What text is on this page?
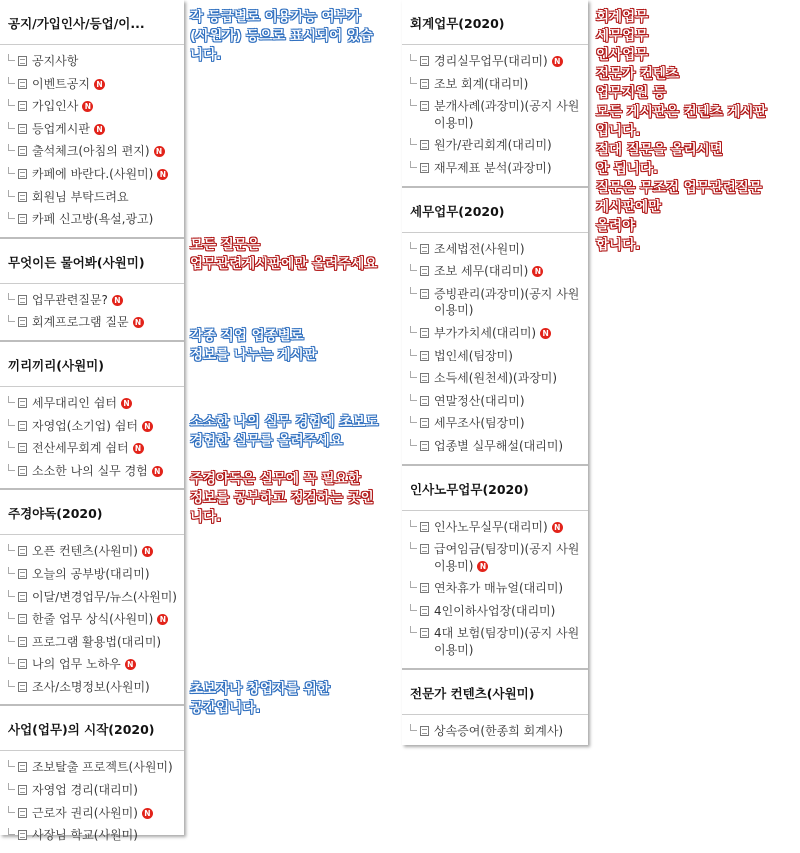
공지/가입인사/등업/이...
공지사항
이벤트공지 N
가입인사 N
등업게시판 N
출석체크(아침의 편지) N
카페에 바란다.(사원미) N
회원님 부탁드려요
카페 신고방(욕설,광고)
무엇이든 물어봐(사원미)
업무관련질문? N
회계프로그램 질문 N
끼리끼리(사원미)
세무대리인 쉼터 N
자영업(소기업) 쉼터 N
전산세무회계 쉼터 N
소소한 나의 실무 경험 N
주경야독(2020)
오픈 컨텐츠(사원미) N
오늘의 공부방(대리미)
이달/변경업무/뉴스(사원미)
한줄 업무 상식(사원미) N
프로그램 활용법(대리미)
나의 업무 노하우 N
조사/소명정보(사원미)
사업(업무)의 시작(2020)
조보탈출 프로젝트(사원미)
자영업 경리(대리미)
근로자 권리(사원미) N
사장님 학교(사원미)
회계업무(2020)
경리실무업무(대리미) N
조보 회계(대리미)
분개사례(과장미)(공지 사원 이용미)
원가/관리회계(대리미)
재무제표 분석(과장미)
세무업무(2020)
조세법전(사원미)
조보 세무(대리미) N
증빙관리(과장미)(공지 사원 이용미)
부가가치세(대리미) N
법인세(팀장미)
소득세(원천세)(과장미)
연말정산(대리미)
세무조사(팀장미)
업종별 실무해설(대리미)
인사노무업무(2020)
인사노무실무(대리미) N
급여임금(팀장미)(공지 사원 이용미) N
연차휴가 매뉴얼(대리미)
4인이하사업장(대리미)
4대 보험(팀장미)(공지 사원 이용미)
전문가 컨텐츠(사원미)
상속증여(한종희 회계사)
각 등급별로 이용가능 여부가
(사원가) 등으로 표시되어 있습
니다.
모든 질문은
업무관련게시판에만 올려주세요
각종 직업 업종별로
정보를 나누는 게시판
소소한 나의 실무 경험에 초보도
경험한 실무를 올려주세요
주경야독은 실무에 꼭 필요한
정보를 공부하고 정검하는 곳인
니다.
초보자나 창업자를 위한
공간입니다.
회계업무
세무업무
인사업무
전문가 컨텐츠
업무지원 등
모든 게시판은 컨텐츠 게시판
입니다.
절대 질문을 올리시면
안 됩니다.
질문은 무조건 업무관련질문
게시판에만
올려야
합니다.
